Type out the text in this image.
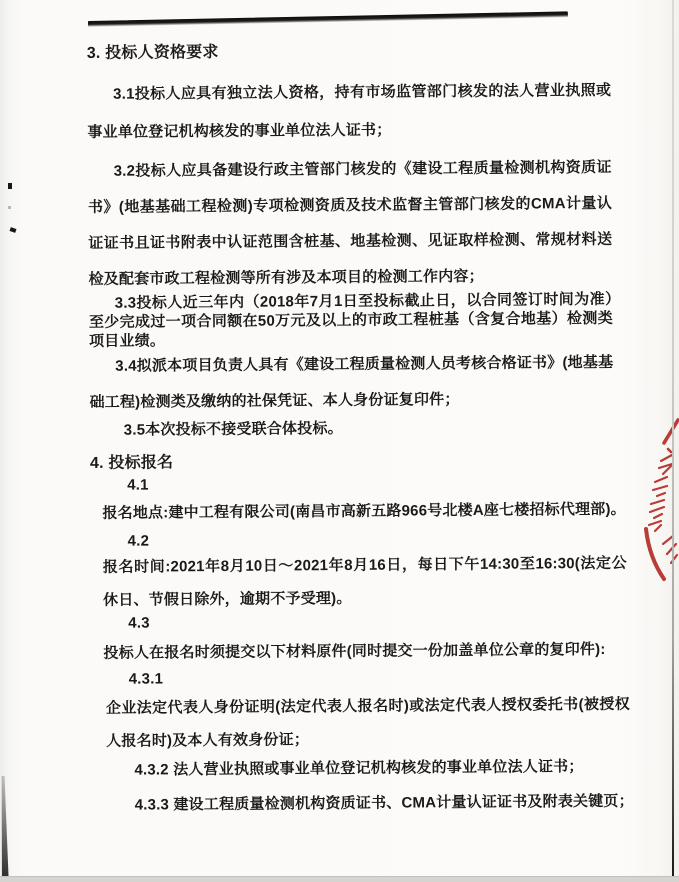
3. 投标人资格要求
3.1投标人应具有独立法人资格，持有市场监管部门核发的法人营业执照或事业单位登记机构核发的事业单位法人证书；
3.2投标人应具备建设行政主管部门核发的《建设工程质量检测机构资质证书》(地基基础工程检测)专项检测资质及技术监督主管部门核发的CMA计量认证证书且证书附表中认证范围含桩基、地基检测、见证取样检测、常规材料送检及配套市政工程检测等所有涉及本项目的检测工作内容；
3.3投标人近三年内（2018年7月1日至投标截止日，以合同签订时间为准）至少完成过一项合同额在50万元及以上的市政工程桩基（含复合地基）检测类项目业绩。
3.4拟派本项目负责人具有《建设工程质量检测人员考核合格证书》(地基基础工程)检测类及缴纳的社保凭证、本人身份证复印件；
3.5本次投标不接受联合体投标。
4. 投标报名
4.1
报名地点:建中工程有限公司(南昌市高新五路966号北楼A座七楼招标代理部)。
4.2
报名时间:2021年8月10日～2021年8月16日，每日下午14:30至16:30(法定公休日、节假日除外，逾期不予受理)。
4.3
投标人在报名时须提交以下材料原件(同时提交一份加盖单位公章的复印件):
4.3.1
企业法定代表人身份证明(法定代表人报名时)或法定代表人授权委托书(被授权人报名时)及本人有效身份证；
4.3.2 法人营业执照或事业单位登记机构核发的事业单位法人证书；
4.3.3 建设工程质量检测机构资质证书、CMA计量认证证书及附表关键页；
